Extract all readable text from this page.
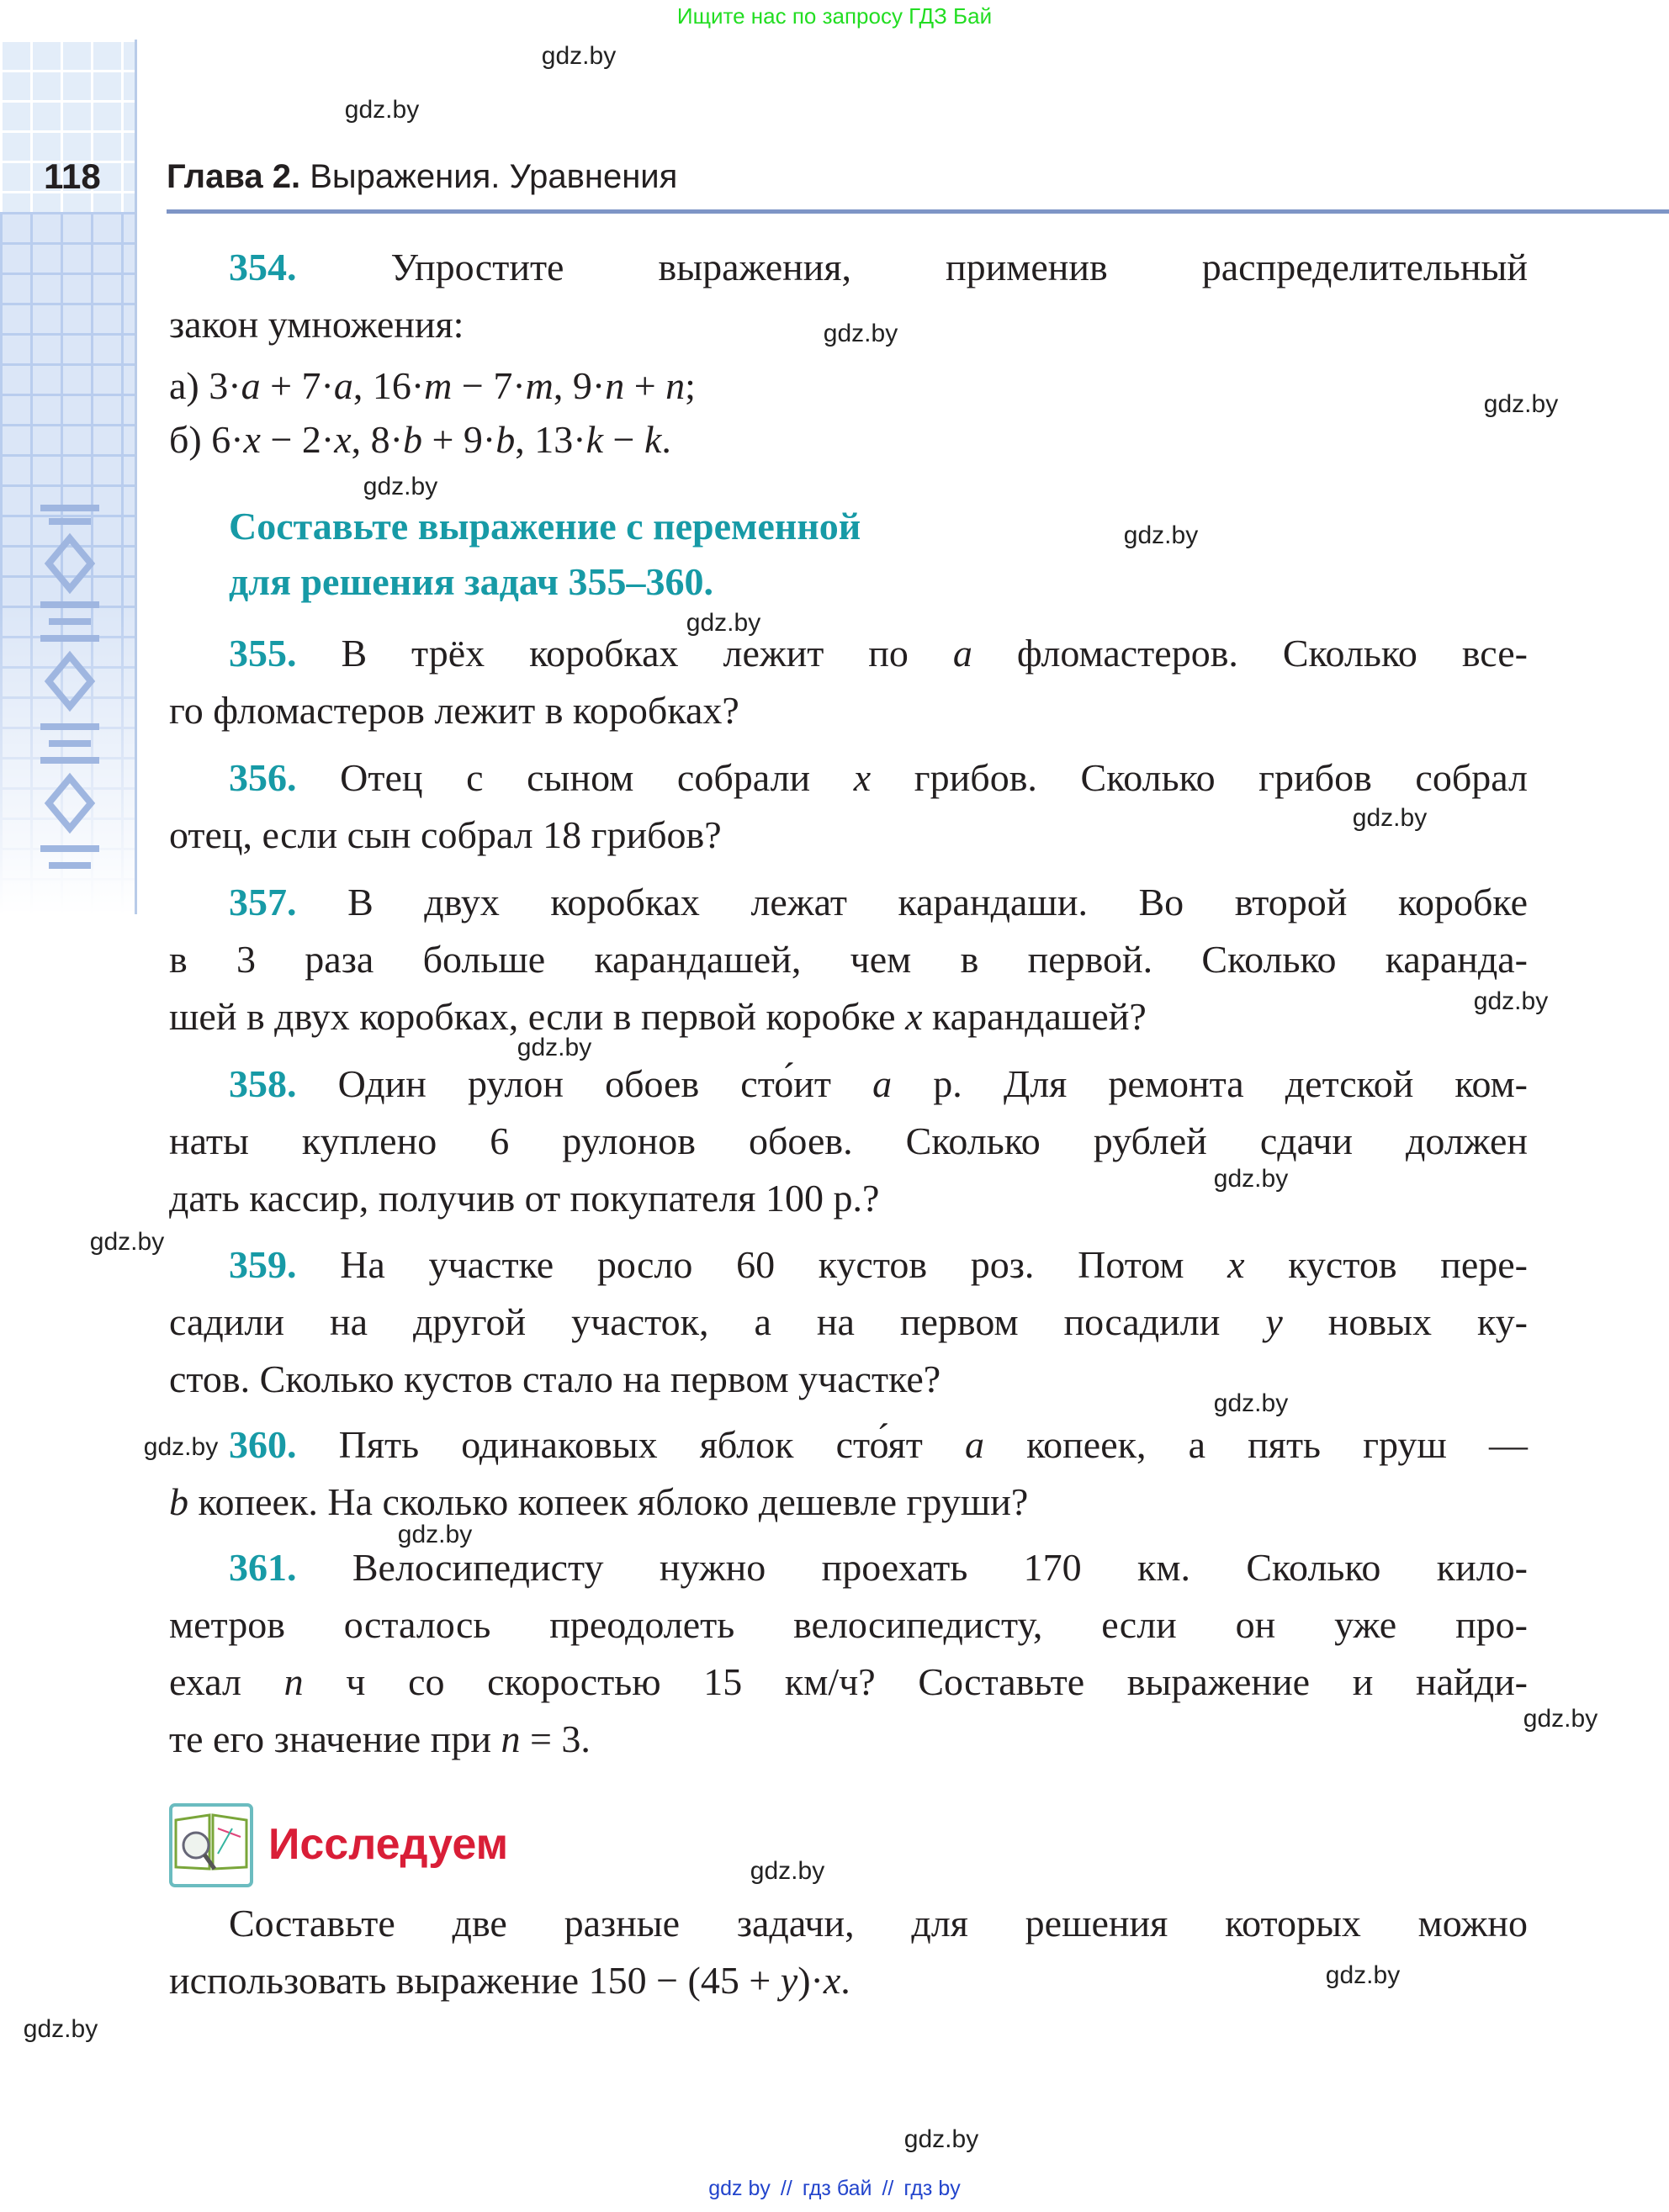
Ищите нас по запросу ГДЗ Бай
gdz.by
gdz.by
gdz.by
gdz.by
gdz.by
gdz.by
gdz.by
gdz.by
gdz.by
gdz.by
gdz.by
gdz.by
gdz.by
gdz.by
gdz.by
gdz.by
gdz.by
gdz.by
gdz.by
gdz.by
118 Глава 2. Выражения. Уравнения
354. Упростите выражения, применив распределительный
закон умножения:
355. В трёх коробках лежит по a фломастеров. Сколько все-
го фломастеров лежит в коробках?
356. Отец с сыном собрали x грибов. Сколько грибов собрал
отец, если сын собрал 18 грибов?
357. В двух коробках лежат карандаши. Во второй коробке
в 3 раза больше карандашей, чем в первой. Сколько каранда-
шей в двух коробках, если в первой коробке x карандашей?
358. Один рулон обоев сто́ит a р. Для ремонта детской ком-
наты куплено 6 рулонов обоев. Сколько рублей сдачи должен
дать кассир, получив от покупателя 100 р.?
359. На участке росло 60 кустов роз. Потом x кустов пере-
садили на другой участок, а на первом посадили y новых ку-
стов. Сколько кустов стало на первом участке?
360. Пять одинаковых яблок сто́ят a копеек, а пять груш —
b копеек. На сколько копеек яблоко дешевле груши?
361. Велосипедисту нужно проехать 170 км. Сколько кило-
метров осталось преодолеть велосипедисту, если он уже про-
ехал n ч со скоростью 15 км/ч? Составьте выражение и найди-
те его значение при n = 3.
а) 3·a + 7·a, 16·m − 7·m, 9·n + n;
б) 6·x − 2·x, 8·b + 9·b, 13·k − k.
Составьте выражение с переменной
для решения задач 355–360.
Исследуем
Составьте две разные задачи, для решения которых можно
использовать выражение 150 − (45 + y)·x.
gdz by // гдз бай // гдз by
